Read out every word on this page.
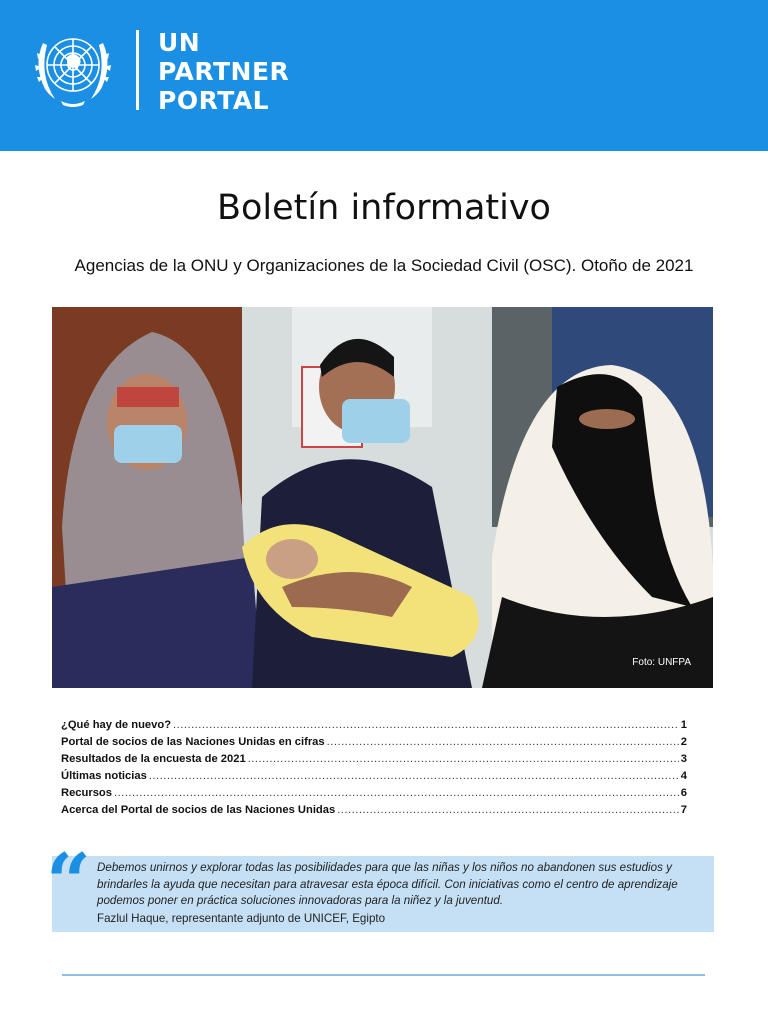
UN
PARTNER
PORTAL
Boletín informativo
Agencias de la ONU y Organizaciones de la Sociedad Civil (OSC). Otoño de 2021
Foto: UNFPA
¿Qué hay de nuevo? .....	1
Portal de socios de las Naciones Unidas en cifras .....	2
Resultados de la encuesta de 2021 .....	3
Últimas noticias .....	4
Recursos .....	6
Acerca del Portal de socios de las Naciones Unidas .....	7
“ Debemos unirnos y explorar todas las posibilidades para que las niñas y los niños no abandonen sus estudios y brindarles la ayuda que necesitan para atravesar esta época difícil. Con iniciativas como el centro de aprendizaje podemos poner en práctica soluciones innovadoras para la niñez y la juventud.
Fazlul Haque, representante adjunto de UNICEF, Egipto
